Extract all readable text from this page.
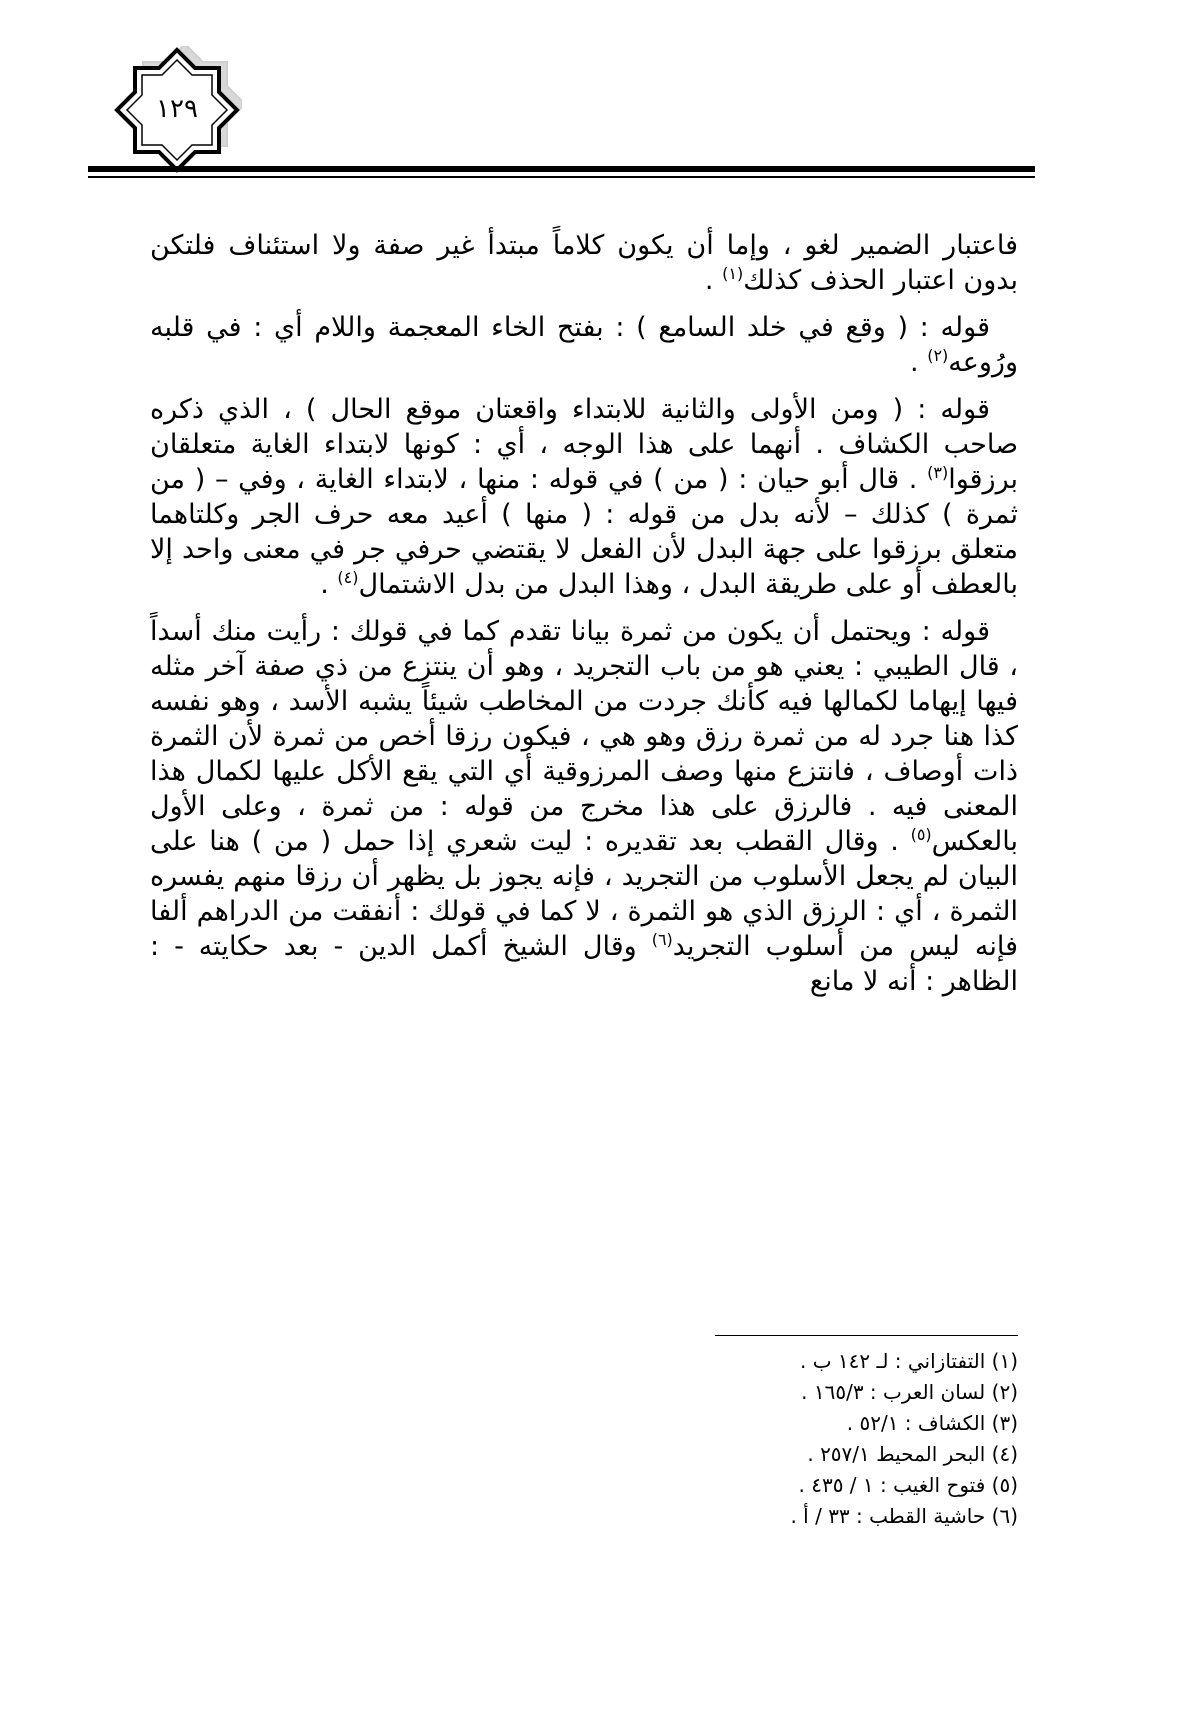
١٢٩

فاعتبار الضمير لغو ، وإما أن يكون كلاماً مبتدأ غير صفة ولا استئناف فلتكن بدون اعتبار الحذف كذلك$^{(١)}$ .

قوله : ( وقع في خلد السامع ) : بفتح الخاء المعجمة واللام أي : في قلبه ورُوعه$^{(٢)}$ .

قوله : ( ومن الأولى والثانية للابتداء واقعتان موقع الحال ) ، الذي ذكره صاحب الكشاف . أنهما على هذا الوجه ، أي : كونها لابتداء الغاية متعلقان برزقوا$^{(٣)}$ . قال أبو حيان : ( من ) في قوله : منها ، لابتداء الغاية ، وفي – ( من ثمرة ) كذلك – لأنه بدل من قوله : ( منها ) أعيد معه حرف الجر وكلتاهما متعلق برزقوا على جهة البدل لأن الفعل لا يقتضي حرفي جر في معنى واحد إلا بالعطف أو على طريقة البدل ، وهذا البدل من بدل الاشتمال$^{(٤)}$ .

قوله : ويحتمل أن يكون من ثمرة بيانا تقدم كما في قولك : رأيت منك أسداً ، قال الطيبي : يعني هو من باب التجريد ، وهو أن ينتزع من ذي صفة آخر مثله فيها إيهاما لكمالها فيه كأنك جردت من المخاطب شيئاً يشبه الأسد ، وهو نفسه كذا هنا جرد له من ثمرة رزق وهو هي ، فيكون رزقا أخص من ثمرة لأن الثمرة ذات أوصاف ، فانتزع منها وصف المرزوقية أي التي يقع الأكل عليها لكمال هذا المعنى فيه . فالرزق على هذا مخرج من قوله : من ثمرة ، وعلى الأول بالعكس$^{(٥)}$ . وقال القطب بعد تقديره : ليت شعري إذا حمل ( من ) هنا على البيان لم يجعل الأسلوب من التجريد ، فإنه يجوز بل يظهر أن رزقا منهم يفسره الثمرة ، أي : الرزق الذي هو الثمرة ، لا كما في قولك : أنفقت من الدراهم ألفا فإنه ليس من أسلوب التجريد$^{(٦)}$ وقال الشيخ أكمل الدين - بعد حكايته - : الظاهر : أنه لا مانع

(١) التفتازاني : لـ ١٤٢ ب .
(٢) لسان العرب : ١٦٥/٣ .
(٣) الكشاف : ٥٢/١ .
(٤) البحر المحيط ٢٥٧/١ .
(٥) فتوح الغيب : ١ / ٤٣٥ .
(٦) حاشية القطب : ٣٣ / أ .
